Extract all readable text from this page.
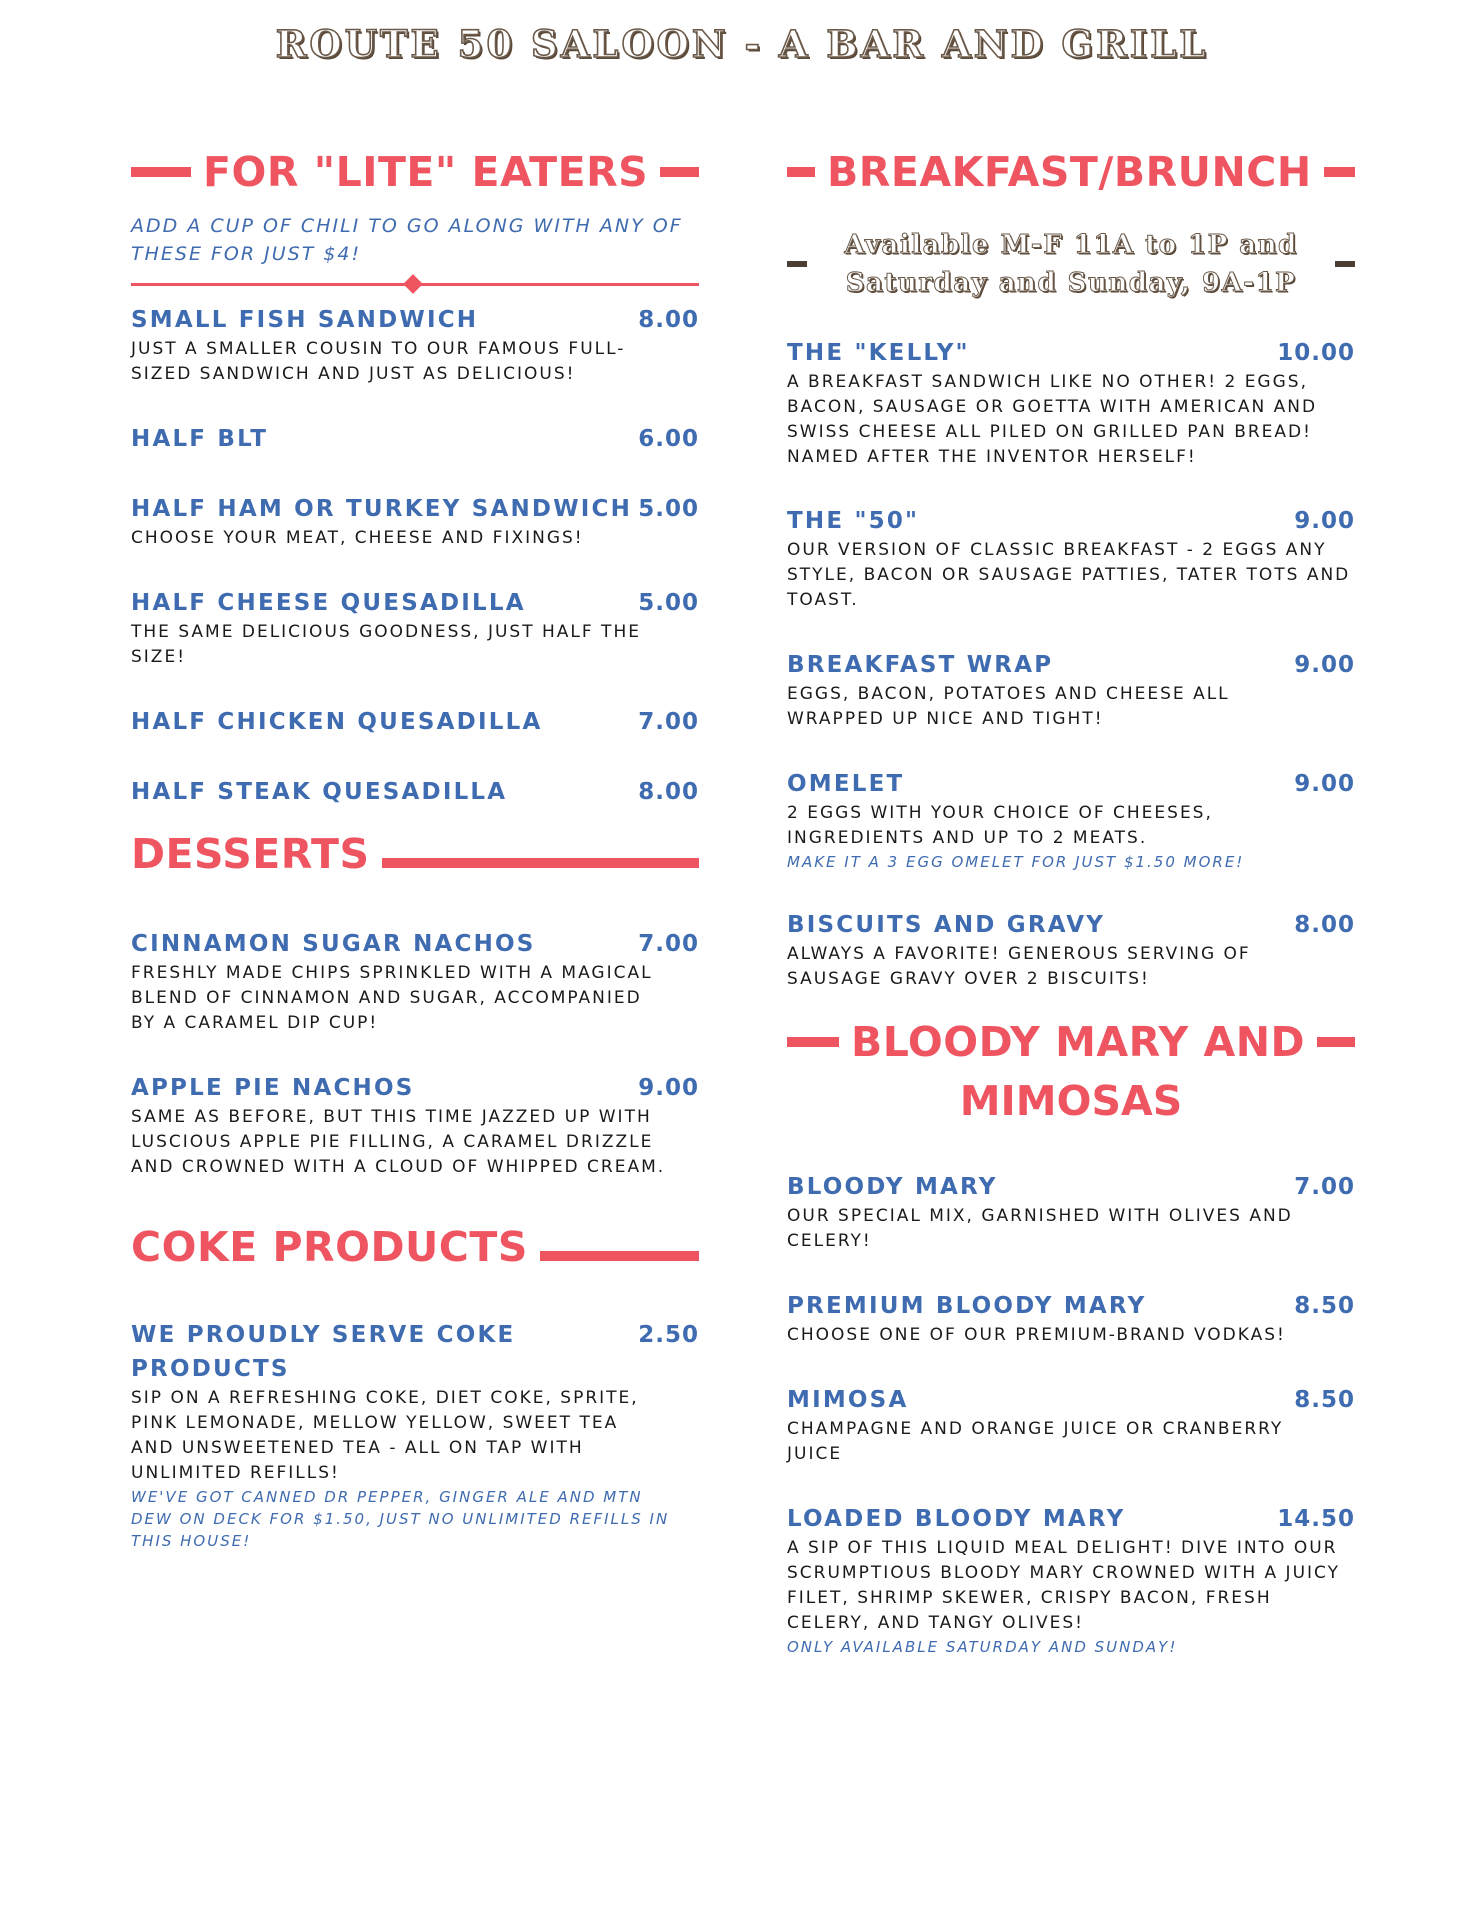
ROUTE 50 SALOON - A BAR AND GRILL
FOR "LITE" EATERS
ADD A CUP OF CHILI TO GO ALONG WITH ANY OF THESE FOR JUST $4!
SMALL FISH SANDWICH	8.00
JUST A SMALLER COUSIN TO OUR FAMOUS FULL-SIZED SANDWICH AND JUST AS DELICIOUS!
HALF BLT	6.00
HALF HAM OR TURKEY SANDWICH 5.00
CHOOSE YOUR MEAT, CHEESE AND FIXINGS!
HALF CHEESE QUESADILLA	5.00
THE SAME DELICIOUS GOODNESS, JUST HALF THE SIZE!
HALF CHICKEN QUESADILLA	7.00
HALF STEAK QUESADILLA	8.00
DESSERTS
CINNAMON SUGAR NACHOS	7.00
FRESHLY MADE CHIPS SPRINKLED WITH A MAGICAL BLEND OF CINNAMON AND SUGAR, ACCOMPANIED BY A CARAMEL DIP CUP!
APPLE PIE NACHOS	9.00
SAME AS BEFORE, BUT THIS TIME JAZZED UP WITH LUSCIOUS APPLE PIE FILLING, A CARAMEL DRIZZLE AND CROWNED WITH A CLOUD OF WHIPPED CREAM.
COKE PRODUCTS
WE PROUDLY SERVE COKE PRODUCTS
2.50
SIP ON A REFRESHING COKE, DIET COKE, SPRITE, PINK LEMONADE, MELLOW YELLOW, SWEET TEA AND UNSWEETENED TEA - ALL ON TAP WITH UNLIMITED REFILLS!
WE'VE GOT CANNED DR PEPPER, GINGER ALE AND MTN DEW ON DECK FOR $1.50, JUST NO UNLIMITED REFILLS IN THIS HOUSE!
BREAKFAST/BRUNCH
Available M-F 11A to 1P and Saturday and Sunday, 9A-1P
THE "KELLY"	10.00
A BREAKFAST SANDWICH LIKE NO OTHER! 2 EGGS, BACON, SAUSAGE OR GOETTA WITH AMERICAN AND SWISS CHEESE ALL PILED ON GRILLED PAN BREAD! NAMED AFTER THE INVENTOR HERSELF!
THE "50"	9.00
OUR VERSION OF CLASSIC BREAKFAST - 2 EGGS ANY STYLE, BACON OR SAUSAGE PATTIES, TATER TOTS AND TOAST.
BREAKFAST WRAP	9.00
EGGS, BACON, POTATOES AND CHEESE ALL WRAPPED UP NICE AND TIGHT!
OMELET	9.00
2 EGGS WITH YOUR CHOICE OF CHEESES, INGREDIENTS AND UP TO 2 MEATS.
MAKE IT A 3 EGG OMELET FOR JUST $1.50 MORE!
BISCUITS AND GRAVY	8.00
ALWAYS A FAVORITE! GENEROUS SERVING OF SAUSAGE GRAVY OVER 2 BISCUITS!
BLOODY MARY AND
MIMOSAS
BLOODY MARY	7.00
OUR SPECIAL MIX, GARNISHED WITH OLIVES AND CELERY!
PREMIUM BLOODY MARY	8.50
CHOOSE ONE OF OUR PREMIUM-BRAND VODKAS!
MIMOSA	8.50
CHAMPAGNE AND ORANGE JUICE OR CRANBERRY JUICE
LOADED BLOODY MARY	14.50
A SIP OF THIS LIQUID MEAL DELIGHT! DIVE INTO OUR SCRUMPTIOUS BLOODY MARY CROWNED WITH A JUICY FILET, SHRIMP SKEWER, CRISPY BACON, FRESH CELERY, AND TANGY OLIVES!
ONLY AVAILABLE SATURDAY AND SUNDAY!
